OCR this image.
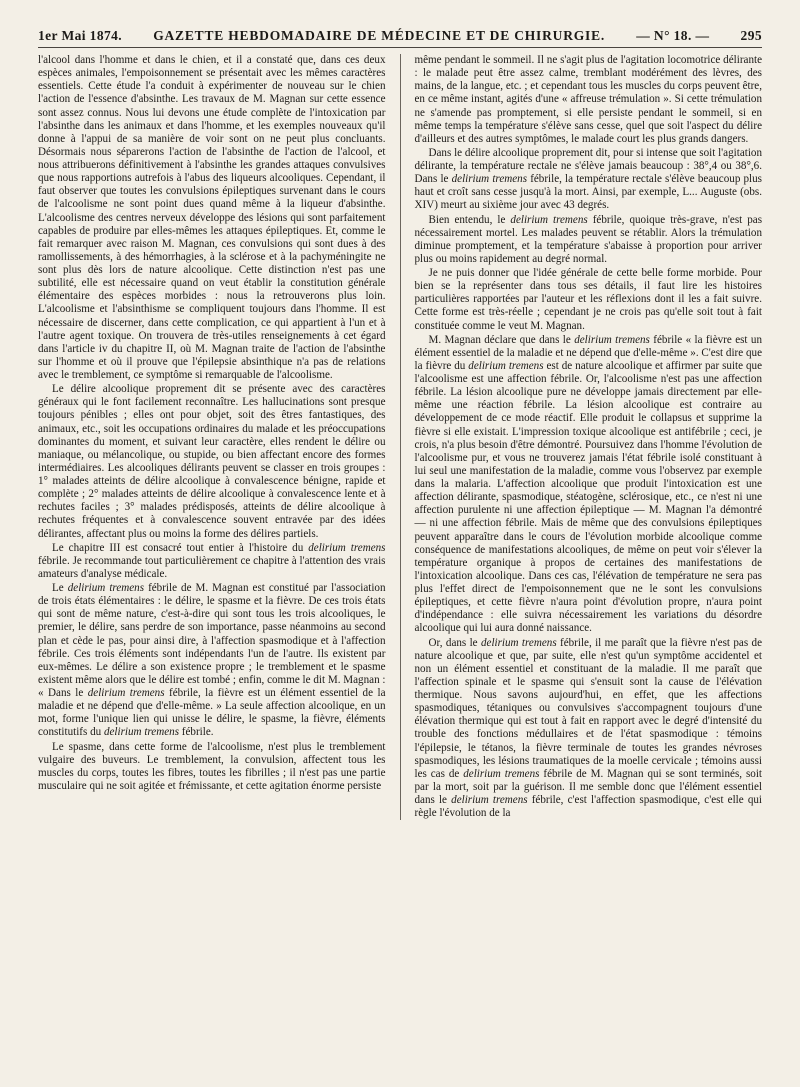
1er Mai 1874. GAZETTE HEBDOMADAIRE DE MÉDECINE ET DE CHIRURGIE. — N° 18. — 295

l'alcool dans l'homme et dans le chien, et il a constaté que, dans ces deux espèces animales, l'empoisonnement se présentait avec les mêmes caractères essentiels. Cette étude l'a conduit à expérimenter de nouveau sur le chien l'action de l'essence d'absinthe. Les travaux de M. Magnan sur cette essence sont assez connus. Nous lui devons une étude complète de l'intoxication par l'absinthe dans les animaux et dans l'homme, et les exemples nouveaux qu'il donne à l'appui de sa manière de voir sont on ne peut plus concluants. Désormais nous séparerons l'action de l'absinthe de l'action de l'alcool, et nous attribuerons définitivement à l'absinthe les grandes attaques convulsives que nous rapportions autrefois à l'abus des liqueurs alcooliques. Cependant, il faut observer que toutes les convulsions épileptiques survenant dans le cours de l'alcoolisme ne sont point dues quand même à la liqueur d'absinthe. L'alcoolisme des centres nerveux développe des lésions qui sont parfaitement capables de produire par elles-mêmes les attaques épileptiques. Et, comme le fait remarquer avec raison M. Magnan, ces convulsions qui sont dues à des ramollissements, à des hémorrhagies, à la sclérose et à la pachyméningite ne sont plus dès lors de nature alcoolique. Cette distinction n'est pas une subtilité, elle est nécessaire quand on veut établir la constitution générale élémentaire des espèces morbides : nous la retrouverons plus loin. L'alcoolisme et l'absinthisme se compliquent toujours dans l'homme. Il est nécessaire de discerner, dans cette complication, ce qui appartient à l'un et à l'autre agent toxique. On trouvera de très-utiles renseignements à cet égard dans l'article iv du chapitre II, où M. Magnan traite de l'action de l'absinthe sur l'homme et où il prouve que l'épilepsie absinthique n'a pas de relations avec le tremblement, ce symptôme si remarquable de l'alcoolisme.

Le délire alcoolique proprement dit se présente avec des caractères généraux qui le font facilement reconnaître. Les hallucinations sont presque toujours pénibles ; elles ont pour objet, soit des êtres fantastiques, des animaux, etc., soit les occupations ordinaires du malade et les préoccupations dominantes du moment, et suivant leur caractère, elles rendent le délire ou maniaque, ou mélancolique, ou stupide, ou bien affectant encore des formes intermédiaires. Les alcooliques délirants peuvent se classer en trois groupes : 1° malades atteints de délire alcoolique à convalescence bénigne, rapide et complète ; 2° malades atteints de délire alcoolique à convalescence lente et à rechutes faciles ; 3° malades prédisposés, atteints de délire alcoolique à rechutes fréquentes et à convalescence souvent entravée par des idées délirantes, affectant plus ou moins la forme des délires partiels.

Le chapitre III est consacré tout entier à l'histoire du delirium tremens fébrile. Je recommande tout particulièrement ce chapitre à l'attention des vrais amateurs d'analyse médicale.

Le delirium tremens fébrile de M. Magnan est constitué par l'association de trois états élémentaires : le délire, le spasme et la fièvre. De ces trois états qui sont de même nature, c'est-à-dire qui sont tous les trois alcooliques, le premier, le délire, sans perdre de son importance, passe néanmoins au second plan et cède le pas, pour ainsi dire, à l'affection spasmodique et à l'affection fébrile. Ces trois éléments sont indépendants l'un de l'autre. Ils existent par eux-mêmes. Le délire a son existence propre ; le tremblement et le spasme existent même alors que le délire est tombé ; enfin, comme le dit M. Magnan : « Dans le delirium tremens fébrile, la fièvre est un élément essentiel de la maladie et ne dépend que d'elle-même. » La seule affection alcoolique, en un mot, forme l'unique lien qui unisse le délire, le spasme, la fièvre, éléments constitutifs du delirium tremens fébrile.

Le spasme, dans cette forme de l'alcoolisme, n'est plus le tremblement vulgaire des buveurs. Le tremblement, la convulsion, affectent tous les muscles du corps, toutes les fibres, toutes les fibrilles ; il n'est pas une partie musculaire qui ne soit agitée et frémissante, et cette agitation énorme persiste

même pendant le sommeil. Il ne s'agit plus de l'agitation locomotrice délirante : le malade peut être assez calme, tremblant modérément des lèvres, des mains, de la langue, etc. ; et cependant tous les muscles du corps peuvent être, en ce même instant, agités d'une « affreuse trémulation ». Si cette trémulation ne s'amende pas promptement, si elle persiste pendant le sommeil, si en même temps la température s'élève sans cesse, quel que soit l'aspect du délire d'ailleurs et des autres symptômes, le malade court les plus grands dangers.

Dans le délire alcoolique proprement dit, pour si intense que soit l'agitation délirante, la température rectale ne s'élève jamais beaucoup : 38°,4 ou 38°,6. Dans le delirium tremens fébrile, la température rectale s'élève beaucoup plus haut et croît sans cesse jusqu'à la mort. Ainsi, par exemple, L... Auguste (obs. XIV) meurt au sixième jour avec 43 degrés.

Bien entendu, le delirium tremens fébrile, quoique très-grave, n'est pas nécessairement mortel. Les malades peuvent se rétablir. Alors la trémulation diminue promptement, et la température s'abaisse à proportion pour arriver plus ou moins rapidement au degré normal.

Je ne puis donner que l'idée générale de cette belle forme morbide. Pour bien se la représenter dans tous ses détails, il faut lire les histoires particulières rapportées par l'auteur et les réflexions dont il les a fait suivre. Cette forme est très-réelle ; cependant je ne crois pas qu'elle soit tout à fait constituée comme le veut M. Magnan.

M. Magnan déclare que dans le delirium tremens fébrile « la fièvre est un élément essentiel de la maladie et ne dépend que d'elle-même ». C'est dire que la fièvre du delirium tremens est de nature alcoolique et affirmer par suite que l'alcoolisme est une affection fébrile. Or, l'alcoolisme n'est pas une affection fébrile. La lésion alcoolique pure ne développe jamais directement par elle-même une réaction fébrile. La lésion alcoolique est contraire au développement de ce mode réactif. Elle produit le collapsus et supprime la fièvre si elle existait. L'impression toxique alcoolique est antifébrile ; ceci, je crois, n'a plus besoin d'être démontré. Poursuivez dans l'homme l'évolution de l'alcoolisme pur, et vous ne trouverez jamais l'état fébrile isolé constituant à lui seul une manifestation de la maladie, comme vous l'observez par exemple dans la malaria. L'affection alcoolique que produit l'intoxication est une affection délirante, spasmodique, stéatogène, sclérosique, etc., ce n'est ni une affection purulente ni une affection épileptique — M. Magnan l'a démontré — ni une affection fébrile. Mais de même que des convulsions épileptiques peuvent apparaître dans le cours de l'évolution morbide alcoolique comme conséquence de manifestations alcooliques, de même on peut voir s'élever la température organique à propos de certaines des manifestations de l'intoxication alcoolique. Dans ces cas, l'élévation de température ne sera pas plus l'effet direct de l'empoisonnement que ne le sont les convulsions épileptiques, et cette fièvre n'aura point d'évolution propre, n'aura point d'indépendance : elle suivra nécessairement les variations du désordre alcoolique qui lui aura donné naissance.

Or, dans le delirium tremens fébrile, il me paraît que la fièvre n'est pas de nature alcoolique et que, par suite, elle n'est qu'un symptôme accidentel et non un élément essentiel et constituant de la maladie. Il me paraît que l'affection spinale et le spasme qui s'ensuit sont la cause de l'élévation thermique. Nous savons aujourd'hui, en effet, que les affections spasmodiques, tétaniques ou convulsives s'accompagnent toujours d'une élévation thermique qui est tout à fait en rapport avec le degré d'intensité du trouble des fonctions médullaires et de l'état spasmodique : témoins l'épilepsie, le tétanos, la fièvre terminale de toutes les grandes névroses spasmodiques, les lésions traumatiques de la moelle cervicale ; témoins aussi les cas de delirium tremens fébrile de M. Magnan qui se sont terminés, soit par la mort, soit par la guérison. Il me semble donc que l'élément essentiel dans le delirium tremens fébrile, c'est l'affection spasmodique, c'est elle qui règle l'évolution de la
